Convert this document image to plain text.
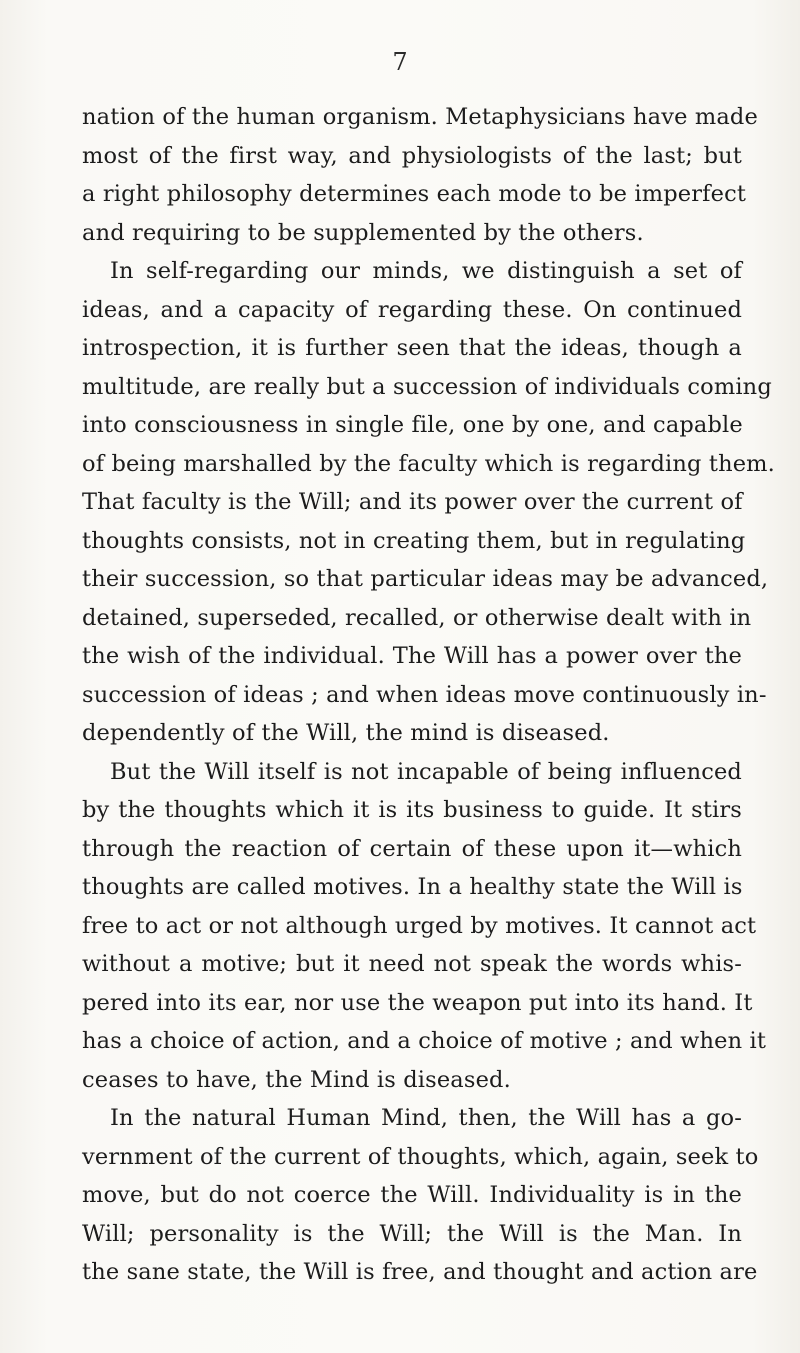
7
nation of the human organism. Metaphysicians have made
most of the first way, and physiologists of the last; but
a right philosophy determines each mode to be imperfect
and requiring to be supplemented by the others.
In self-regarding our minds, we distinguish a set of
ideas, and a capacity of regarding these. On continued
introspection, it is further seen that the ideas, though a
multitude, are really but a succession of individuals coming
into consciousness in single file, one by one, and capable
of being marshalled by the faculty which is regarding them.
That faculty is the Will; and its power over the current of
thoughts consists, not in creating them, but in regulating
their succession, so that particular ideas may be advanced,
detained, superseded, recalled, or otherwise dealt with in
the wish of the individual. The Will has a power over the
succession of ideas ; and when ideas move continuously in-
dependently of the Will, the mind is diseased.
But the Will itself is not incapable of being influenced
by the thoughts which it is its business to guide. It stirs
through the reaction of certain of these upon it—which
thoughts are called motives. In a healthy state the Will is
free to act or not although urged by motives. It cannot act
without a motive; but it need not speak the words whis-
pered into its ear, nor use the weapon put into its hand. It
has a choice of action, and a choice of motive ; and when it
ceases to have, the Mind is diseased.
In the natural Human Mind, then, the Will has a go-
vernment of the current of thoughts, which, again, seek to
move, but do not coerce the Will. Individuality is in the
Will; personality is the Will; the Will is the Man. In
the sane state, the Will is free, and thought and action are
